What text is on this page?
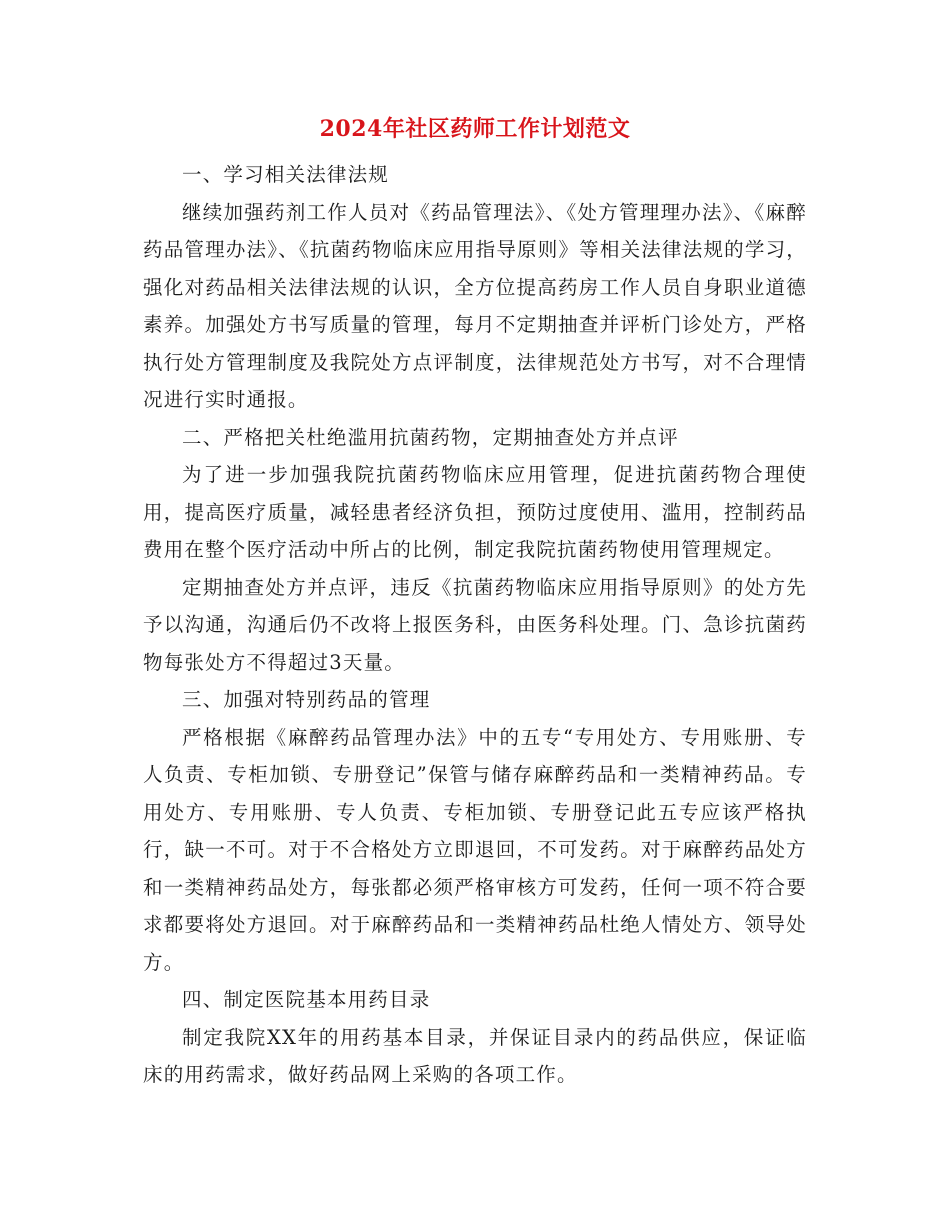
2024年社区药师工作计划范文

一、学习相关法律法规

继续加强药剂工作人员对《药品管理法》、《处方管理理办法》、《麻醉药品管理办法》、《抗菌药物临床应用指导原则》等相关法律法规的学习，强化对药品相关法律法规的认识，全方位提高药房工作人员自身职业道德素养。加强处方书写质量的管理，每月不定期抽查并评析门诊处方，严格执行处方管理制度及我院处方点评制度，法律规范处方书写，对不合理情况进行实时通报。

二、严格把关杜绝滥用抗菌药物，定期抽查处方并点评

为了进一步加强我院抗菌药物临床应用管理，促进抗菌药物合理使用，提高医疗质量，减轻患者经济负担，预防过度使用、滥用，控制药品费用在整个医疗活动中所占的比例，制定我院抗菌药物使用管理规定。

定期抽查处方并点评，违反《抗菌药物临床应用指导原则》的处方先予以沟通，沟通后仍不改将上报医务科，由医务科处理。门、急诊抗菌药物每张处方不得超过3天量。

三、加强对特别药品的管理

严格根据《麻醉药品管理办法》中的五专“专用处方、专用账册、专人负责、专柜加锁、专册登记”保管与储存麻醉药品和一类精神药品。专用处方、专用账册、专人负责、专柜加锁、专册登记此五专应该严格执行，缺一不可。对于不合格处方立即退回，不可发药。对于麻醉药品处方和一类精神药品处方，每张都必须严格审核方可发药，任何一项不符合要求都要将处方退回。对于麻醉药品和一类精神药品杜绝人情处方、领导处方。

四、制定医院基本用药目录

制定我院XX年的用药基本目录，并保证目录内的药品供应，保证临床的用药需求，做好药品网上采购的各项工作。
